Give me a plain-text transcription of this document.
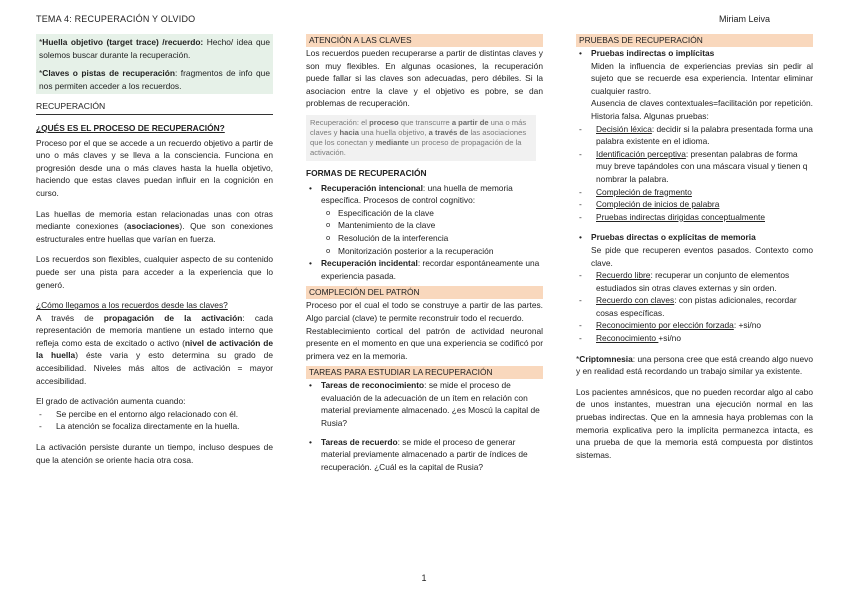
TEMA 4: RECUPERACIÓN Y OLVIDO	Miriam Leiva

*Huella objetivo (target trace) /recuerdo: Hecho/ idea que solemos buscar durante la recuperación.

*Claves o pistas de recuperación: fragmentos de info que nos permiten acceder a los recuerdos.

RECUPERACIÓN
¿QUÉS ES EL PROCESO DE RECUPERACIÓN?

Proceso por el que se accede a un recuerdo objetivo a partir de uno o más claves y se lleva a la consciencia. Funciona en progresión desde una o más claves hasta la huella objetivo, haciendo que estas claves puedan influir en la cognición en curso.

Las huellas de memoria estan relacionadas unas con otras mediante conexiones (asociaciones). Que son conexiones estructurales entre huellas que varían en fuerza.

Los recuerdos son flexibles, cualquier aspecto de su contenido puede ser una pista para acceder a la experiencia que lo generó.

¿Cómo llegamos a los recuerdos desde las claves?

A través de propagación de la activación: cada representación de memoria mantiene un estado interno que refleja como esta de excitado o activo (nivel de activación de la huella) éste varia y esto determina su grado de accesibilidad. Niveles más altos de activación = mayor accesibilidad.

El grado de activación aumenta cuando:

- Se percibe en el entorno algo relacionado con él.
- La atención se focaliza directamente en la huella.

La activación persiste durante un tiempo, incluso despues de que la atención se oriente hacia otra cosa.

ATENCIÓN A LAS CLAVES

Los recuerdos pueden recuperarse a partir de distintas claves y son muy flexibles. En algunas ocasiones, la recuperación puede fallar si las claves son adecuadas, pero débiles. Si la asociacion entre la clave y el objetivo es pobre, se dan problemas de recuperación.

Recuperación: el proceso que transcurre a partir de una o más claves y hacia una huella objetivo, a través de las asociaciones que los conectan y mediante un proceso de propagación de la activación.
FORMAS DE RECUPERACIÓN
• Recuperación intencional: una huella de memoria específica. Procesos de control cognitivo:
o Especificación de la clave
o Mantenimiento de la clave
o Resolución de la interferencia
o Monitorización posterior a la recuperación
• Recuperación incidental: recordar espontáneamente una experiencia pasada.
COMPLECIÓN DEL PATRÓN

Proceso por el cual el todo se construye a partir de las partes. Algo parcial (clave) te permite reconstruir todo el recuerdo.

Restablecimiento cortical del patrón de actividad neuronal presente en el momento en que una experiencia se codificó por primera vez en la memoria.

TAREAS PARA ESTUDIAR LA RECUPERACIÓN
• Tareas de reconocimiento: se mide el proceso de evaluación de la adecuación de un ítem en relación con material previamente almacenado. ¿es Moscú la capital de Rusia?
• Tareas de recuerdo: se mide el proceso de generar material previamente almacenado a partir de índices de recuperación. ¿Cuál es la capital de Rusia?
PRUEBAS DE RECUPERACIÓN
• Pruebas indirectas o implícitas

Miden la influencia de experiencias previas sin pedir al sujeto que se recuerde esa experiencia. Intentar eliminar cualquier rastro.

Ausencia de claves contextuales=facilitación por repetición. Historia falsa. Algunas pruebas:

- Decisión léxica: decidir si la palabra presentada forma una palabra existente en el idioma.
- Identificación perceptiva: presentan palabras de forma muy breve tapándoles con una máscara visual y tienen q nombrar la palabra.
- Compleción de fragmento
- Compleción de inicios de palabra
- Pruebas indirectas dirigidas conceptualmente
• Pruebas directas o explícitas de memoria

Se pide que recuperen eventos pasados. Contexto como clave.

- Recuerdo libre: recuperar un conjunto de elementos estudiados sin otras claves externas y sin orden.
- Recuerdo con claves: con pistas adicionales, recordar cosas específicas.
- Reconocimiento por elección forzada: +si/no
- Reconocimiento +si/no

*Criptomnesia: una persona cree que está creando algo nuevo y en realidad está recordando un trabajo similar ya existente.

Los pacientes amnésicos, que no pueden recordar algo al cabo de unos instantes, muestran una ejecución normal en las pruebas indirectas. Que en la amnesia haya problemas con la memoria explicativa pero la implícita permanezca intacta, es una prueba de que la memoria está compuesta por distintos sistemas.

1
